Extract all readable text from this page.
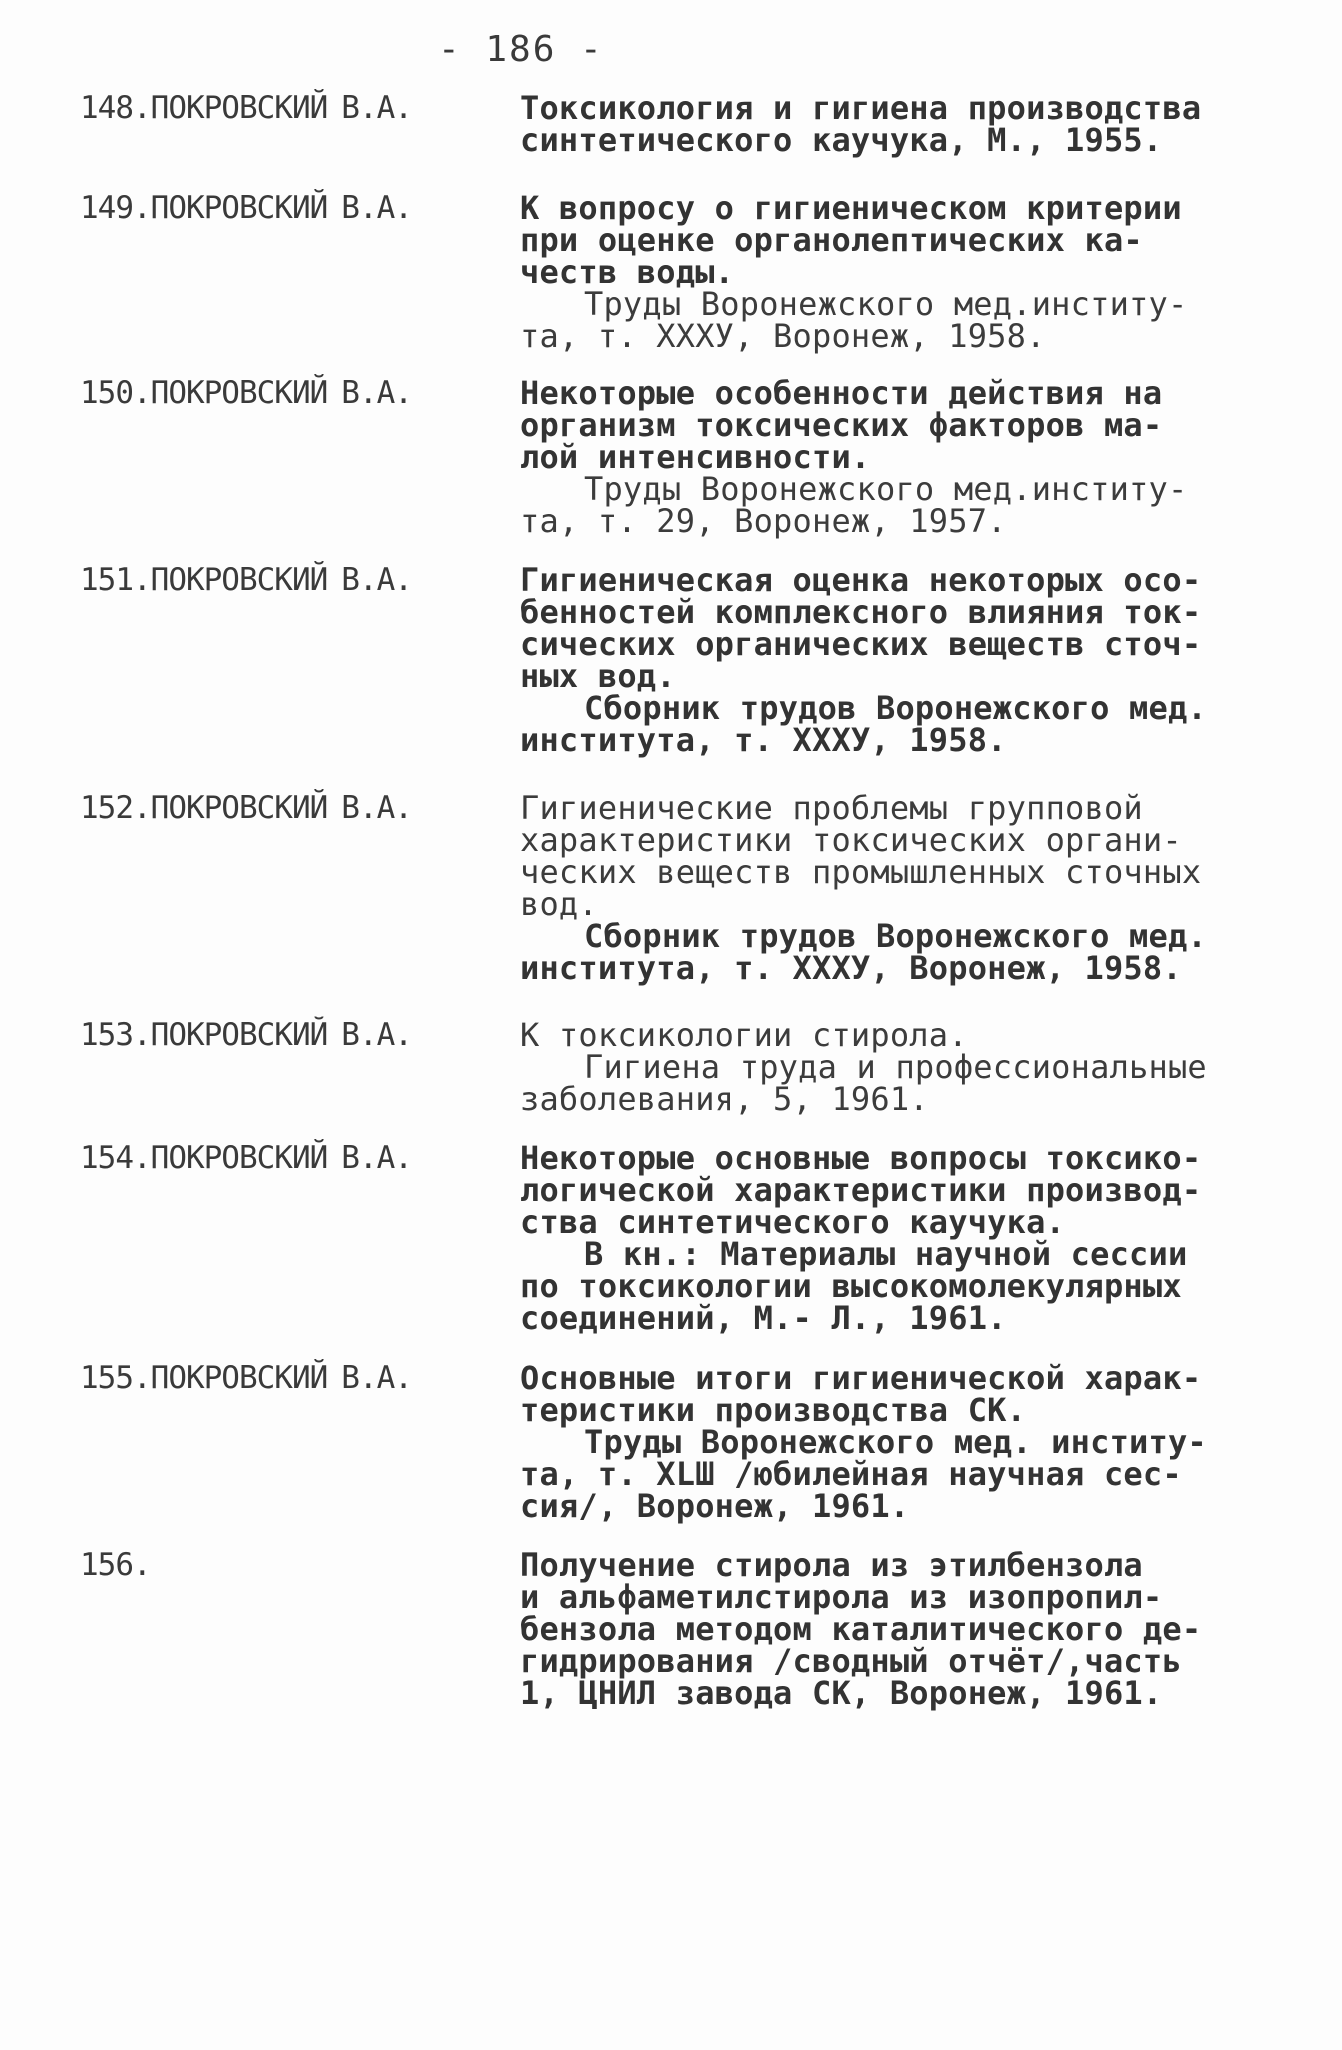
- 186 -
148.ПОКРОВСКИЙ В.А.	Токсикология и гигиена производства
синтетического каучука, М., 1955.
149.ПОКРОВСКИЙ В.А.	К вопросу о гигиеническом критерии
при оценке органолептических ка-
честв воды.
Труды Воронежского мед.институ-
та, т. ХХХУ, Воронеж, 1958.
150.ПОКРОВСКИЙ В.А.	Некоторые особенности действия на
организм токсических факторов ма-
лой интенсивности.
Труды Воронежского мед.институ-
та, т. 29, Воронеж, 1957.
151.ПОКРОВСКИЙ В.А.	Гигиеническая оценка некоторых осо-
бенностей комплексного влияния ток-
сических органических веществ сточ-
ных вод.
Сборник трудов Воронежского мед.
института, т. ХХХУ, 1958.
152.ПОКРОВСКИЙ В.А.	Гигиенические проблемы групповой
характеристики токсических органи-
ческих веществ промышленных сточных
вод.
Сборник трудов Воронежского мед.
института, т. ХХХУ, Воронеж, 1958.
153.ПОКРОВСКИЙ В.А.	К токсикологии стирола.
Гигиена труда и профессиональные
заболевания, 5, 1961.
154.ПОКРОВСКИЙ В.А.	Некоторые основные вопросы токсико-
логической характеристики производ-
ства синтетического каучука.
В кн.: Материалы научной сессии
по токсикологии высокомолекулярных
соединений, М.- Л., 1961.
155.ПОКРОВСКИЙ В.А.	Основные итоги гигиенической харак-
теристики производства СК.
Труды Воронежского мед. институ-
та, т. ХLШ /юбилейная научная сес-
сия/, Воронеж, 1961.
156.	Получение стирола из этилбензола
и альфаметилстирола из изопропил-
бензола методом каталитического де-
гидрирования /сводный отчёт/,часть
1, ЦНИЛ завода СК, Воронеж, 1961.
